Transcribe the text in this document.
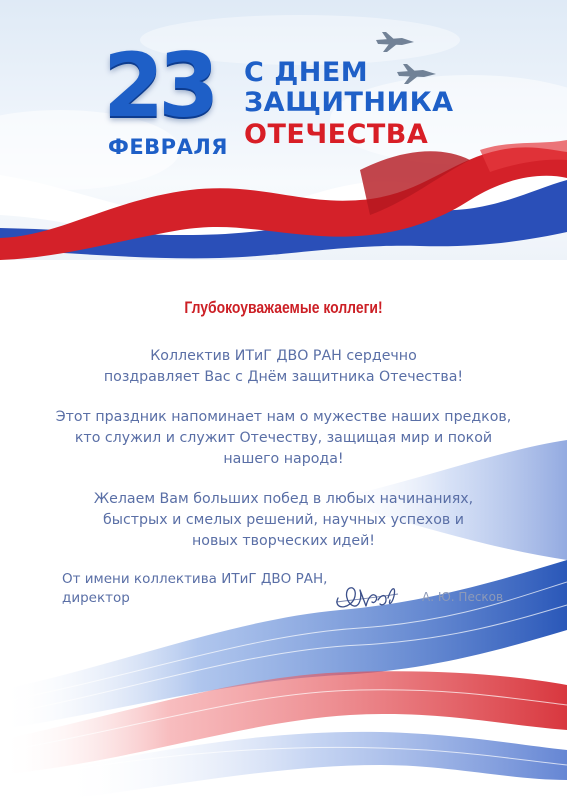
23
ФЕВРАЛЯ
С ДНЕМ
ЗАЩИТНИКА
ОТЕЧЕСТВА
Глубокоуважаемые коллеги!
Коллектив ИТиГ ДВО РАН сердечно
поздравляет Вас с Днём защитника Отечества!
Этот праздник напоминает нам о мужестве наших предков,
кто служил и служит Отечеству, защищая мир и покой
нашего народа!
Желаем Вам больших побед в любых начинаниях,
быстрых и смелых решений, научных успехов и
новых творческих идей!
От имени коллектива ИТиГ ДВО РАН,
директор	А. Ю. Песков
